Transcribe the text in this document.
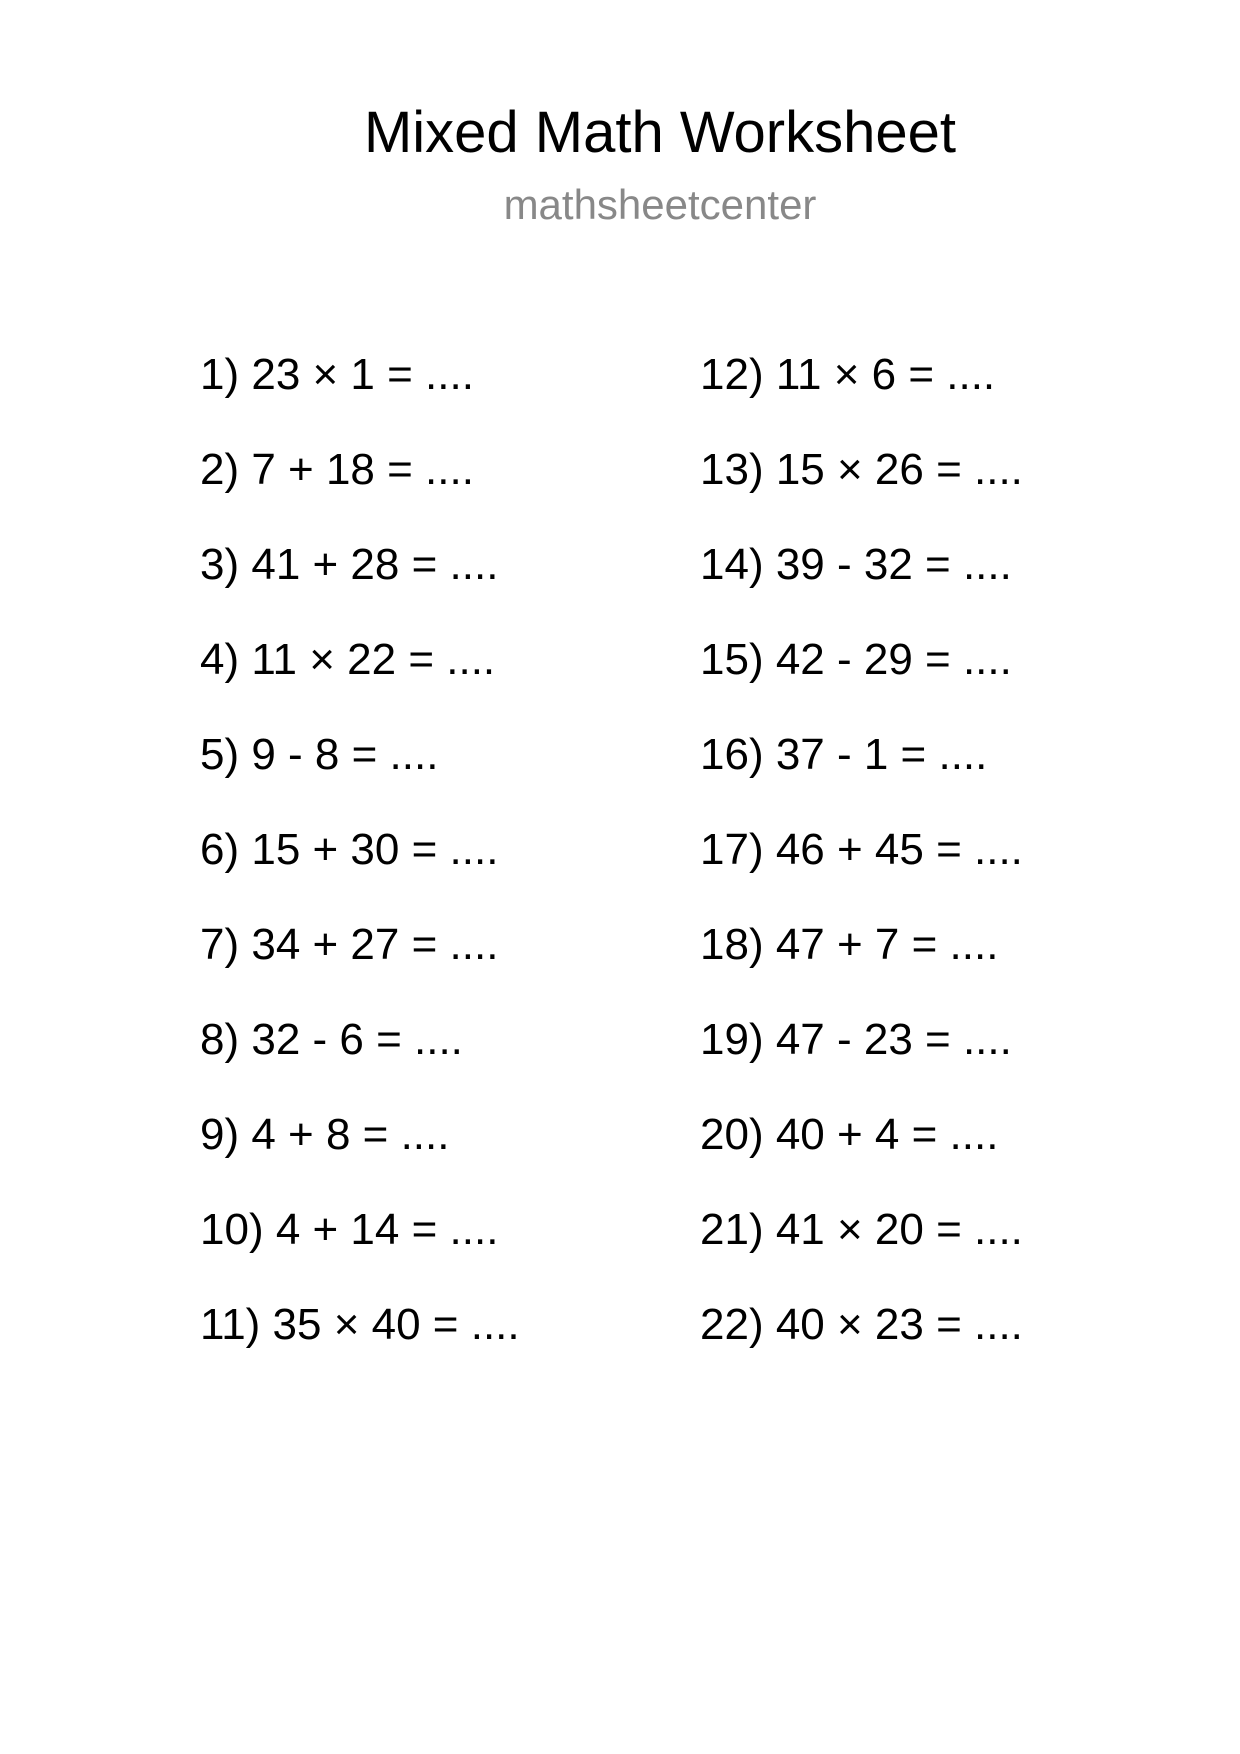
Mixed Math Worksheet
mathsheetcenter
1) 23 × 1 = ....
2) 7 + 18 = ....
3) 41 + 28 = ....
4) 11 × 22 = ....
5) 9 - 8 = ....
6) 15 + 30 = ....
7) 34 + 27 = ....
8) 32 - 6 = ....
9) 4 + 8 = ....
10) 4 + 14 = ....
11) 35 × 40 = ....
12) 11 × 6 = ....
13) 15 × 26 = ....
14) 39 - 32 = ....
15) 42 - 29 = ....
16) 37 - 1 = ....
17) 46 + 45 = ....
18) 47 + 7 = ....
19) 47 - 23 = ....
20) 40 + 4 = ....
21) 41 × 20 = ....
22) 40 × 23 = ....
